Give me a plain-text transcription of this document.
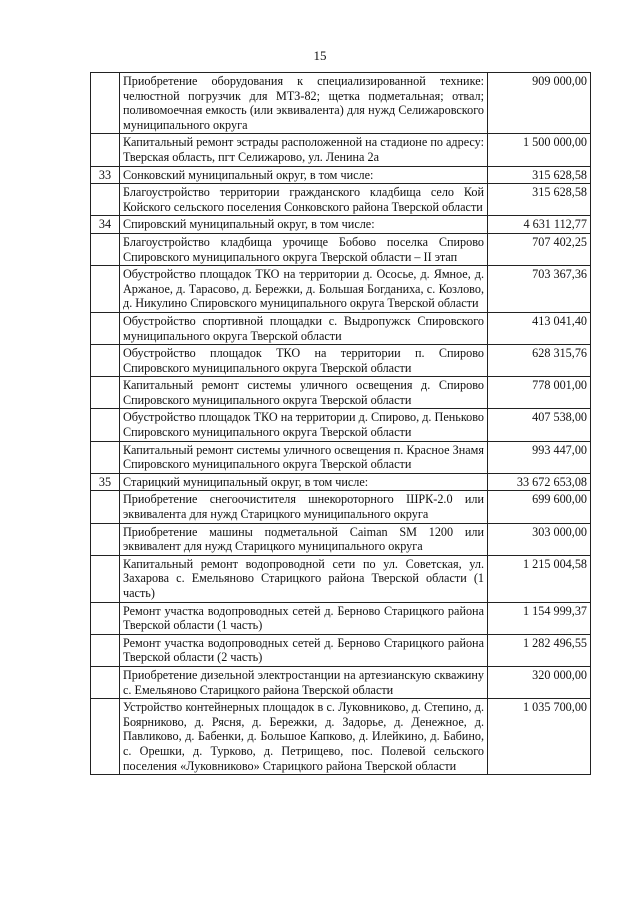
15
	Приобретение оборудования к специализированной технике: челюстной погрузчик для МТЗ-82; щетка подметальная; отвал; поливомоечная емкость (или эквивалента) для нужд Селижаровского муниципального округа	909 000,00
	Капитальный ремонт эстрады расположенной на стадионе по адресу: Тверская область, пгт Селижарово, ул. Ленина 2а	1 500 000,00
33	Сонковский муниципальный округ, в том числе:	315 628,58
	Благоустройство территории гражданского кладбища село Кой Койского сельского поселения Сонковского района Тверской области	315 628,58
34	Спировский муниципальный округ, в том числе:	4 631 112,77
	Благоустройство кладбища урочище Бобово поселка Спирово Спировского муниципального округа Тверской области – II этап	707 402,25
	Обустройство площадок ТКО на территории д. Ососье, д. Ямное, д. Аржаное, д. Тарасово, д. Бережки, д. Большая Богданиха, с. Козлово, д. Никулино Спировского муниципального округа Тверской области	703 367,36
	Обустройство спортивной площадки с. Выдропужск Спировского муниципального округа Тверской области	413 041,40
	Обустройство площадок ТКО на территории п. Спирово Спировского муниципального округа Тверской области	628 315,76
	Капитальный ремонт системы уличного освещения д. Спирово Спировского муниципального округа Тверской области	778 001,00
	Обустройство площадок ТКО на территории д. Спирово, д. Пеньково Спировского муниципального округа Тверской области	407 538,00
	Капитальный ремонт системы уличного освещения п. Красное Знамя Спировского муниципального округа Тверской области	993 447,00
35	Старицкий муниципальный округ, в том числе:	33 672 653,08
	Приобретение снегоочистителя шнекороторного ШРК-2.0 или эквивалента для нужд Старицкого муниципального округа	699 600,00
	Приобретение машины подметальной Caiman SM 1200 или эквивалент для нужд Старицкого муниципального округа	303 000,00
	Капитальный ремонт водопроводной сети по ул. Советская, ул. Захарова с. Емельяново Старицкого района Тверской области (1 часть)	1 215 004,58
	Ремонт участка водопроводных сетей д. Берново Старицкого района Тверской области (1 часть)	1 154 999,37
	Ремонт участка водопроводных сетей д. Берново Старицкого района Тверской области (2 часть)	1 282 496,55
	Приобретение дизельной электростанции на артезианскую скважину с. Емельяново Старицкого района Тверской области	320 000,00
	Устройство контейнерных площадок в с. Луковниково, д. Степино, д. Боярниково, д. Рясня, д. Бережки, д. Задорье, д. Денежное, д. Павликово, д. Бабенки, д. Большое Капково, д. Илейкино, д. Бабино, с. Орешки, д. Турково, д. Петрищево, пос. Полевой сельского поселения «Луковниково» Старицкого района Тверской области	1 035 700,00
